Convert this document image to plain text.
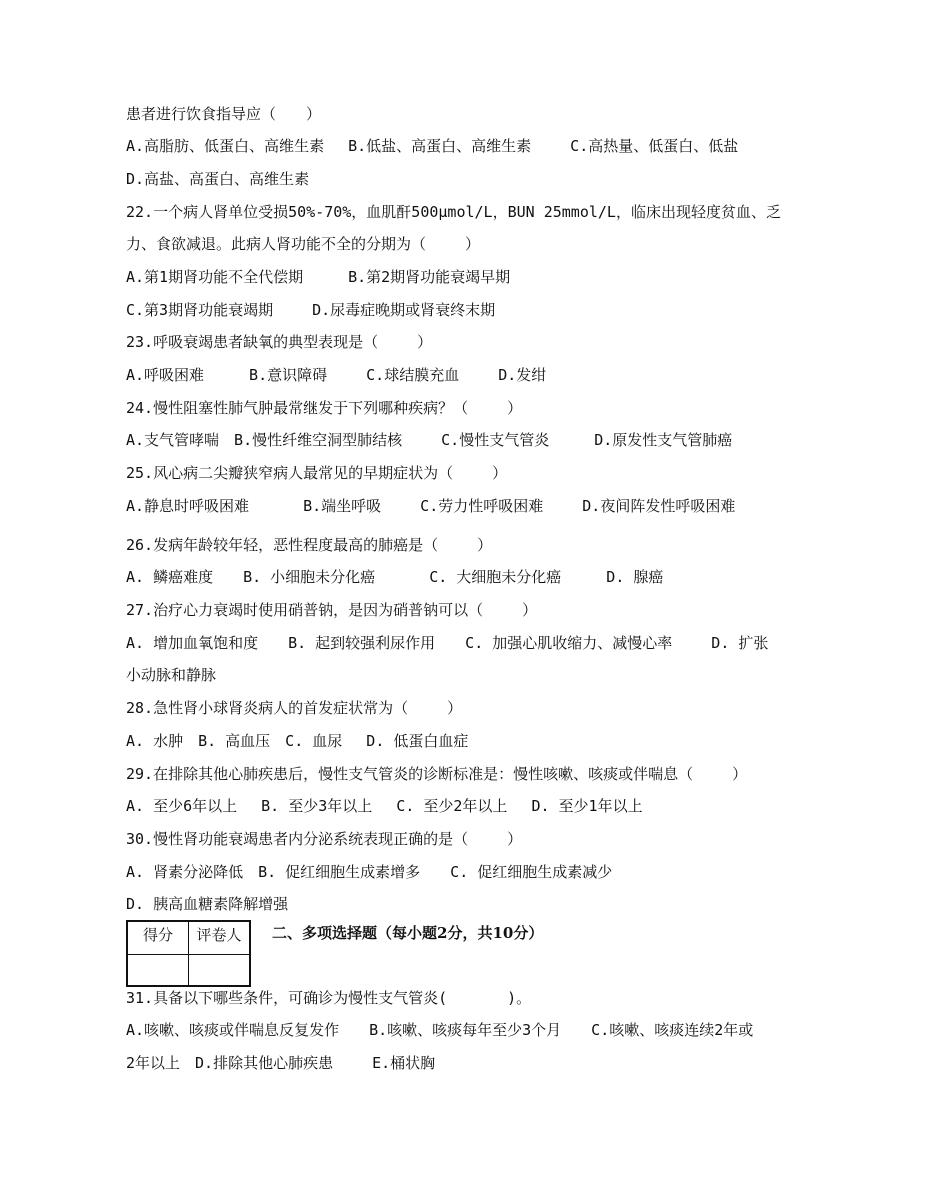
患者进行饮食指导应（　　）
A.高脂肪、低蛋白、高维生素　 B.低盐、高蛋白、高维生素　　 C.高热量、低蛋白、低盐
D.高盐、高蛋白、高维生素
22.一个病人肾单位受损50%-70%，血肌酐500μmol/L，BUN 25mmol/L，临床出现轻度贫血、乏
力、食欲减退。此病人肾功能不全的分期为（　　 ）
A.第1期肾功能不全代偿期　　　B.第2期肾功能衰竭早期
C.第3期肾功能衰竭期　　 D.尿毒症晚期或肾衰终末期
23.呼吸衰竭患者缺氧的典型表现是（　　 ）
A.呼吸困难　　　B.意识障碍　　 C.球结膜充血　　 D.发绀
24.慢性阻塞性肺气肿最常继发于下列哪种疾病？（　　 ）
A.支气管哮喘　B.慢性纤维空洞型肺结核　　 C.慢性支气管炎　　　D.原发性支气管肺癌
25.风心病二尖瓣狭窄病人最常见的早期症状为（　　 ）
A.静息时呼吸困难　　　 B.端坐呼吸　　 C.劳力性呼吸困难　　 D.夜间阵发性呼吸困难
26.发病年龄较年轻，恶性程度最高的肺癌是（　　 ）
A. 鳞癌难度　　B. 小细胞未分化癌　　　 C. 大细胞未分化癌　　　D. 腺癌
27.治疗心力衰竭时使用硝普钠，是因为硝普钠可以（　　 ）
A. 增加血氧饱和度　　B. 起到较强利尿作用　　C. 加强心肌收缩力、减慢心率　　 D. 扩张
小动脉和静脉
28.急性肾小球肾炎病人的首发症状常为（　　 ）
A. 水肿　B. 高血压　C. 血尿　 D. 低蛋白血症
29.在排除其他心肺疾患后，慢性支气管炎的诊断标准是：慢性咳嗽、咳痰或伴喘息（　　 ）
A. 至少6年以上　 B. 至少3年以上　 C. 至少2年以上　 D. 至少1年以上
30.慢性肾功能衰竭患者内分泌系统表现正确的是（　　 ）
A. 肾素分泌降低　B. 促红细胞生成素增多　　C. 促红细胞生成素减少
D. 胰高血糖素降解增强
得分	评卷人
	二、多项选择题（每小题2分，共10分）
31.具备以下哪些条件，可确诊为慢性支气管炎(　　　　)。
A.咳嗽、咳痰或伴喘息反复发作　　B.咳嗽、咳痰每年至少3个月　　C.咳嗽、咳痰连续2年或
2年以上　D.排除其他心肺疾患　　 E.桶状胸
